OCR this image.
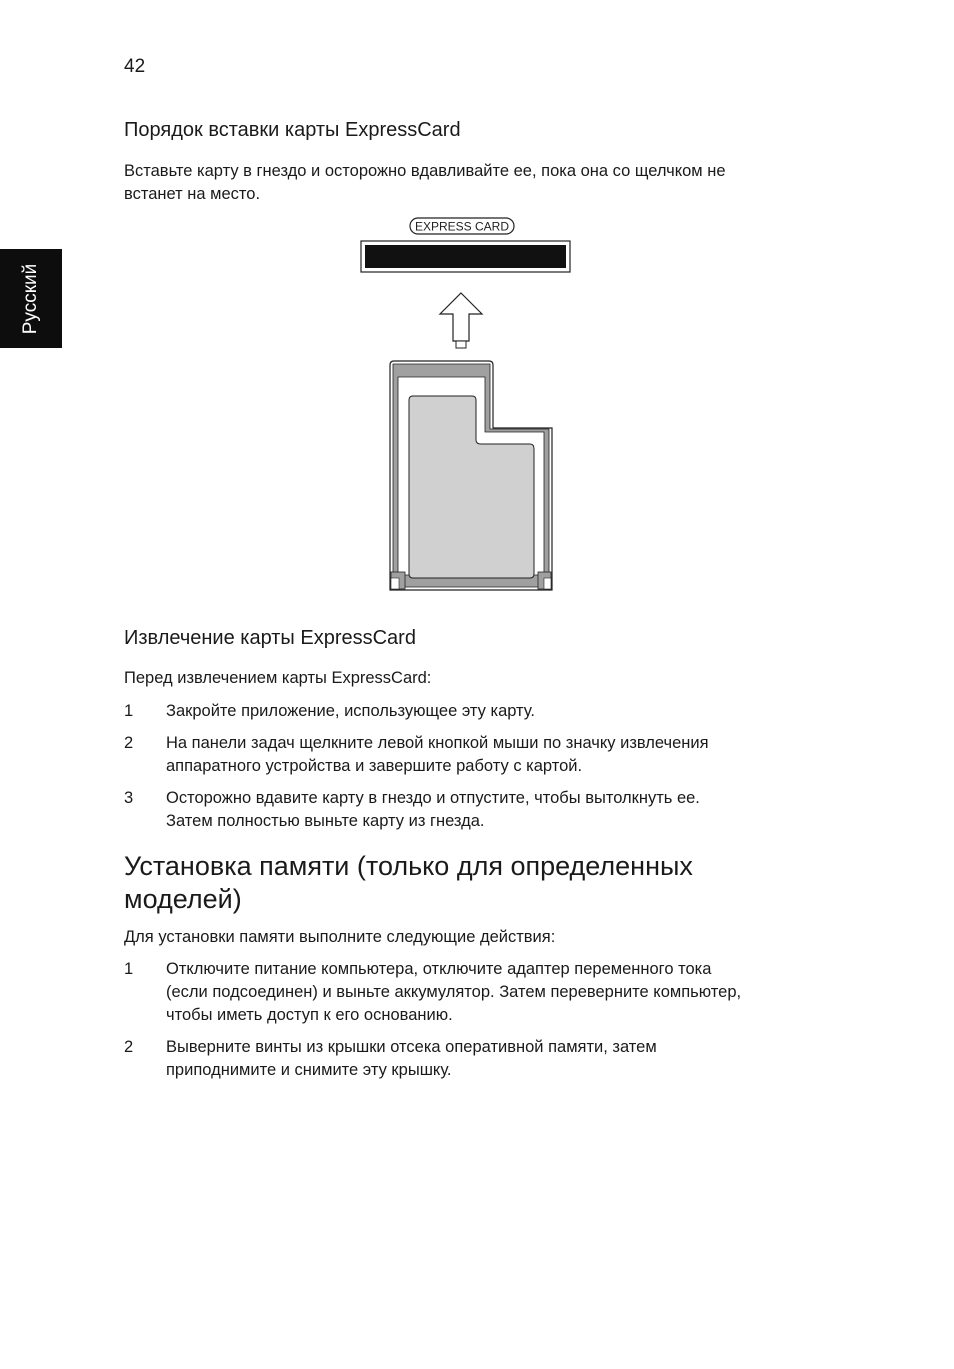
42
Русский
Порядок вставки карты ExpressCard
Вставьте карту в гнездо и осторожно вдавливайте ее, пока она со щелчком не
встанет на место.
EXPRESS CARD
Извлечение карты ExpressCard
Перед извлечением карты ExpressCard:
1 Закройте приложение, использующее эту карту.
2 На панели задач щелкните левой кнопкой мыши по значку извлечения
аппаратного устройства и завершите работу с картой.
3 Осторожно вдавите карту в гнездо и отпустите, чтобы вытолкнуть ее.
Затем полностью выньте карту из гнезда.
Установка памяти (только для определенных
моделей)
Для установки памяти выполните следующие действия:
1 Отключите питание компьютера, отключите адаптер переменного тока
(если подсоединен) и выньте аккумулятор. Затем переверните компьютер,
чтобы иметь доступ к его основанию.
2 Выверните винты из крышки отсека оперативной памяти, затем
приподнимите и снимите эту крышку.
